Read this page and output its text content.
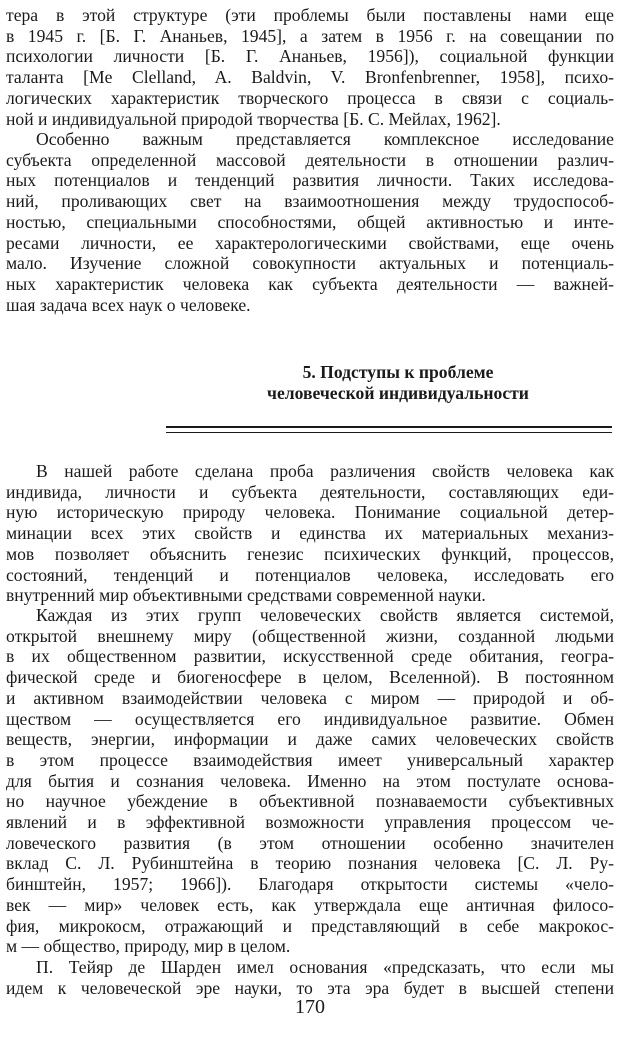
тера в этой структуре (эти проблемы были поставлены нами еще
в 1945 г. [Б. Г. Ананьев, 1945], а затем в 1956 г. на совещании по
психологии личности [Б. Г. Ананьев, 1956]), социальной функции
таланта [Me Clelland, A. Baldvin, V. Bronfenbrenner, 1958], психо-
логических характеристик творческого процесса в связи с социаль-
ной и индивидуальной природой творчества [Б. С. Мейлах, 1962].
Особенно важным представляется комплексное исследование
субъекта определенной массовой деятельности в отношении различ-
ных потенциалов и тенденций развития личности. Таких исследова-
ний, проливающих свет на взаимоотношения между трудоспособ-
ностью, специальными способностями, общей активностью и инте-
ресами личности, ее характерологическими свойствами, еще очень
мало. Изучение сложной совокупности актуальных и потенциаль-
ных характеристик человека как субъекта деятельности — важней-
шая задача всех наук о человеке.
5. Подступы к проблеме
человеческой индивидуальности
В нашей работе сделана проба различения свойств человека как
индивида, личности и субъекта деятельности, составляющих еди-
ную историческую природу человека. Понимание социальной детер-
минации всех этих свойств и единства их материальных механиз-
мов позволяет объяснить генезис психических функций, процессов,
состояний, тенденций и потенциалов человека, исследовать его
внутренний мир объективными средствами современной науки.
Каждая из этих групп человеческих свойств является системой,
открытой внешнему миру (общественной жизни, созданной людьми
в их общественном развитии, искусственной среде обитания, геогра-
фической среде и биогеносфере в целом, Вселенной). В постоянном
и активном взаимодействии человека с миром — природой и об-
ществом — осуществляется его индивидуальное развитие. Обмен
веществ, энергии, информации и даже самих человеческих свойств
в этом процессе взаимодействия имеет универсальный характер
для бытия и сознания человека. Именно на этом постулате основа-
но научное убеждение в объективной познаваемости субъективных
явлений и в эффективной возможности управления процессом че-
ловеческого развития (в этом отношении особенно значителен
вклад С. Л. Рубинштейна в теорию познания человека [С. Л. Ру-
бинштейн, 1957; 1966]). Благодаря открытости системы «чело-
век — мир» человек есть, как утверждала еще античная филосо-
фия, микрокосм, отражающий и представляющий в себе макрокос-
м — общество, природу, мир в целом.
П. Тейяр де Шарден имел основания «предсказать, что если мы
идем к человеческой эре науки, то эта эра будет в высшей степени
170
